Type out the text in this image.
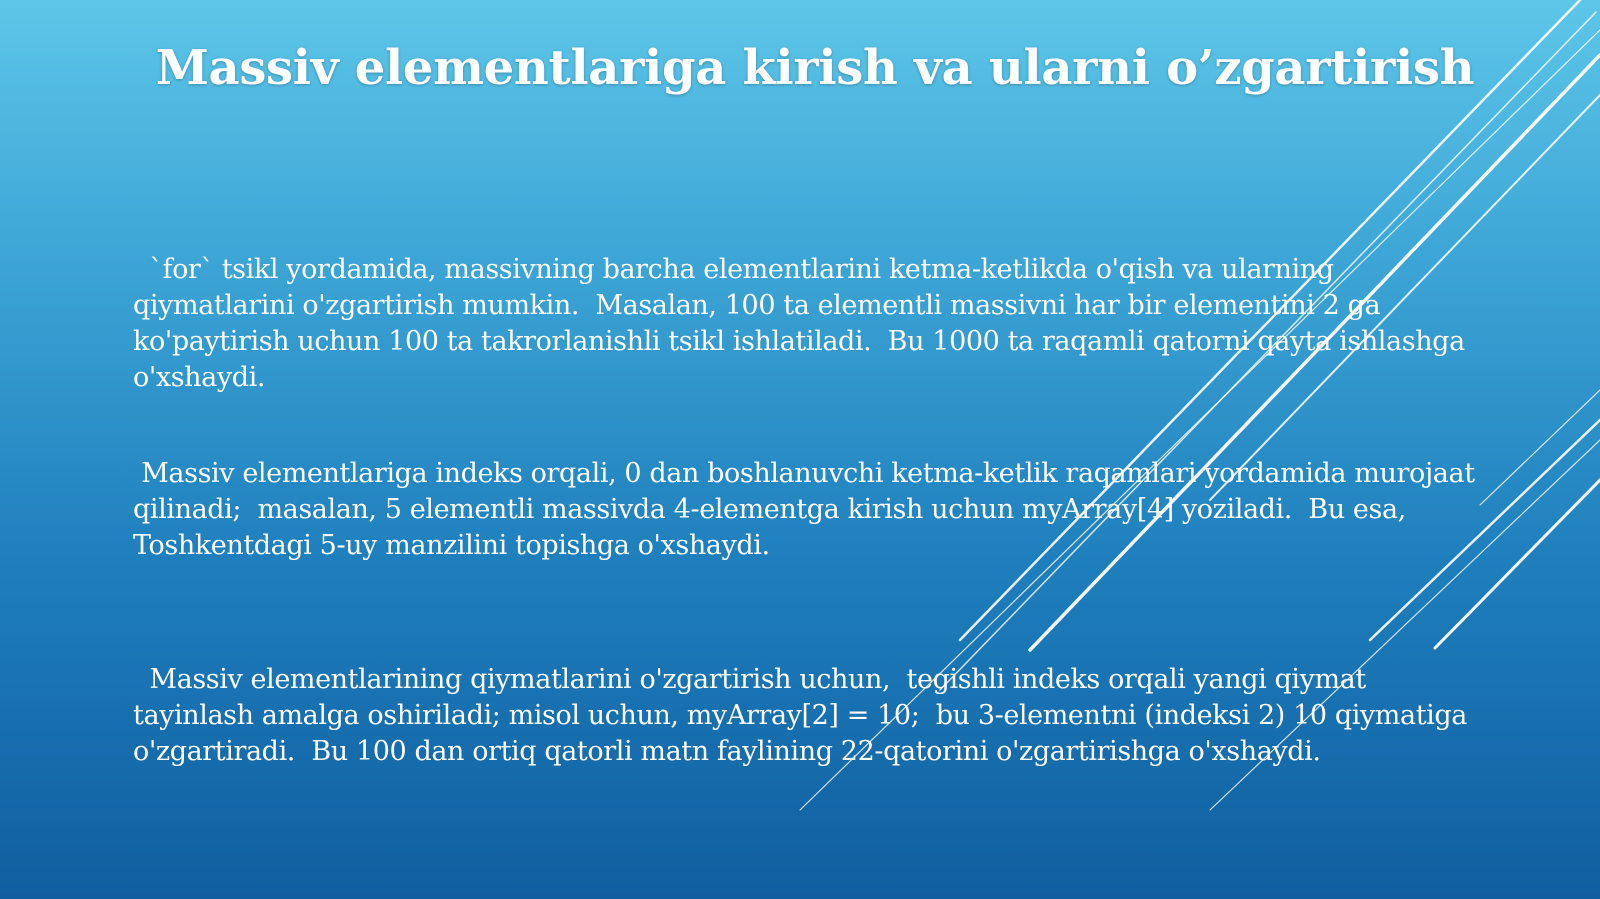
Massiv elementlariga kirish va ularni o’zgartirish

`for` tsikl yordamida, massivning barcha elementlarini ketma-ketlikda o'qish va ularning qiymatlarini o'zgartirish mumkin.  Masalan, 100 ta elementli massivni har bir elementini 2 ga ko'paytirish uchun 100 ta takrorlanishli tsikl ishlatiladi.  Bu 1000 ta raqamli qatorni qayta ishlashga o'xshaydi.

Massiv elementlariga indeks orqali, 0 dan boshlanuvchi ketma-ketlik raqamlari yordamida murojaat qilinadi;  masalan, 5 elementli massivda 4-elementga kirish uchun myArray[4] yoziladi.  Bu esa, Toshkentdagi 5-uy manzilini topishga o'xshaydi.

Massiv elementlarining qiymatlarini o'zgartirish uchun,  tegishli indeks orqali yangi qiymat tayinlash amalga oshiriladi; misol uchun, myArray[2] = 10;  bu 3-elementni (indeksi 2) 10 qiymatiga o'zgartiradi.  Bu 100 dan ortiq qatorli matn faylining 22-qatorini o'zgartirishga o'xshaydi.
